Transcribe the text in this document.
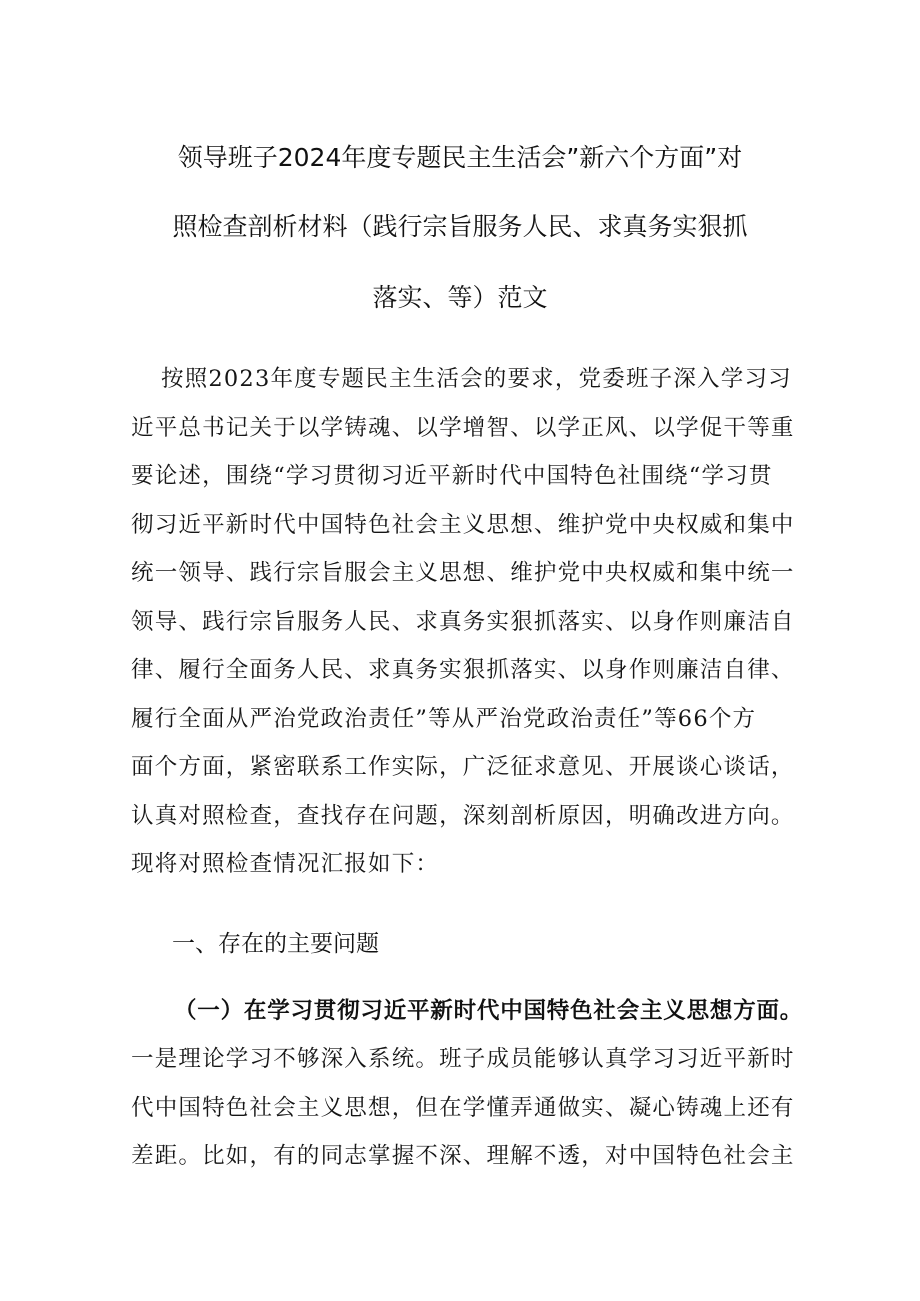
领导班子2024年度专题民主生活会”新六个方面”对
照检查剖析材料（践行宗旨服务人民、求真务实狠抓
落实、等）范文
按照2023年度专题民主生活会的要求，党委班子深入学习习
近平总书记关于以学铸魂、以学增智、以学正风、以学促干等重
要论述，围绕“学习贯彻习近平新时代中国特色社围绕“学习贯
彻习近平新时代中国特色社会主义思想、维护党中央权威和集中
统一领导、践行宗旨服会主义思想、维护党中央权威和集中统一
领导、践行宗旨服务人民、求真务实狠抓落实、以身作则廉洁自
律、履行全面务人民、求真务实狠抓落实、以身作则廉洁自律、
履行全面从严治党政治责任”等从严治党政治责任”等66个方
面个方面，紧密联系工作实际，广泛征求意见、开展谈心谈话，
认真对照检查，查找存在问题，深刻剖析原因，明确改进方向。
现将对照检查情况汇报如下：
一、存在的主要问题
（一）在学习贯彻习近平新时代中国特色社会主义思想方面。
一是理论学习不够深入系统。班子成员能够认真学习习近平新时
代中国特色社会主义思想，但在学懂弄通做实、凝心铸魂上还有
差距。比如，有的同志掌握不深、理解不透，对中国特色社会主
